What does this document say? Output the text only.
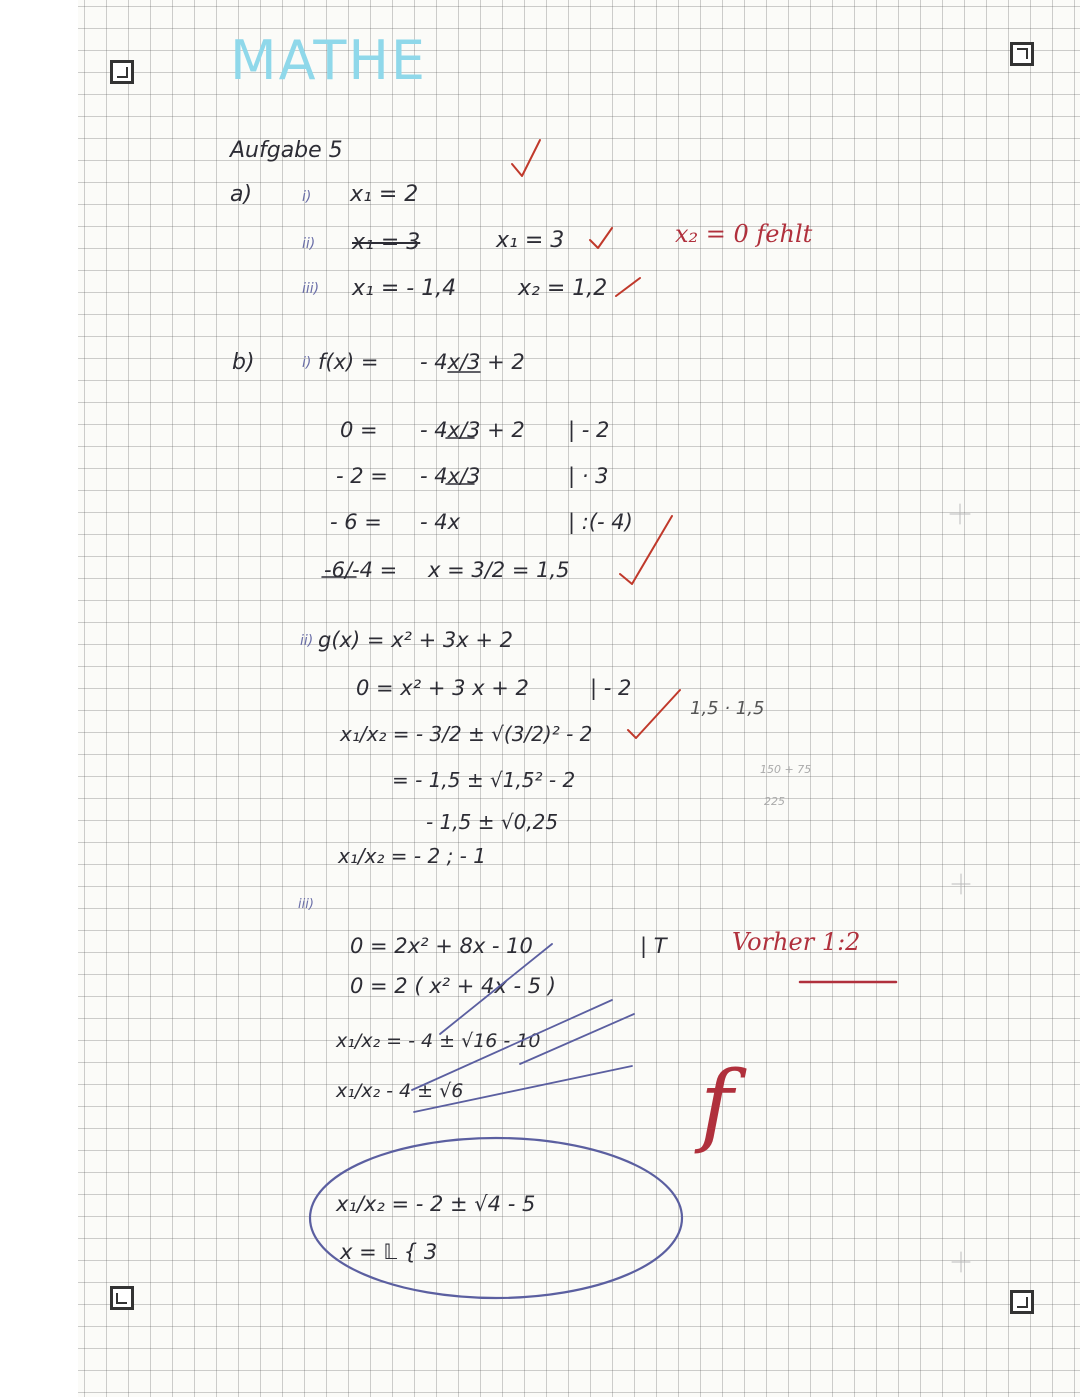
MATHE
Aufgabe 5
a)	i) x₁ = 2
ii) x₁ = 3	x₁ = 3
iii) x₁ = - 1,4	x₂ = 1,2
x₂ = 0 fehlt
b)	i) f(x) = - 4x/3 + 2
0 = - 4x/3 + 2 | - 2
- 2 = - 4x/3	| · 3
- 6 = - 4x	| :(- 4)
-6/-4 = x = 3/2 = 1,5
ii) g(x) = x² + 3x + 2
0 = x² + 3 x + 2	| - 2
x₁/x₂ = - 3/2 ± √(3/2)² - 2
= - 1,5 ± √1,5² - 2
- 1,5 ± √0,25
x₁/x₂ = - 2 ; - 1
1,5 · 1,5
150 + 75
225
iii)
0 = 2x² + 8x - 10	| T
0 = 2 ( x² + 4x - 5 )
x₁/x₂ = - 4 ± √16 - 10
x₁/x₂ - 4 ± √6
x₁/x₂ = - 2 ± √4 - 5
x = 𝕃 { 3
Vorher 1:2
f
